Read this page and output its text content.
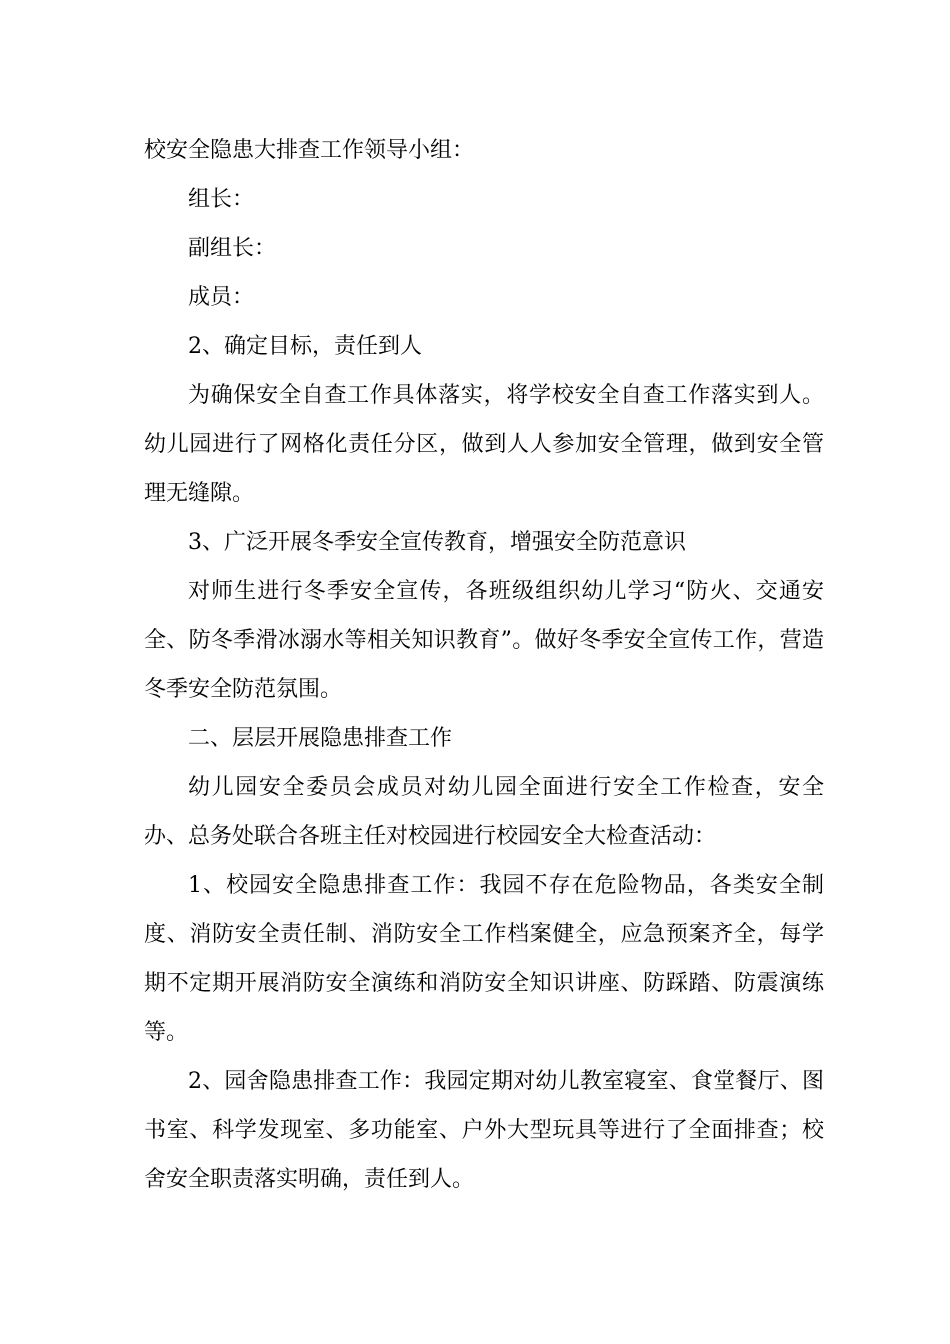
校安全隐患大排查工作领导小组：

组长：

副组长：

成员：

2、确定目标，责任到人

为确保安全自查工作具体落实，将学校安全自查工作落实到人。幼儿园进行了网格化责任分区，做到人人参加安全管理，做到安全管理无缝隙。

3、广泛开展冬季安全宣传教育，增强安全防范意识

对师生进行冬季安全宣传，各班级组织幼儿学习“防火、交通安全、防冬季滑冰溺水等相关知识教育”。做好冬季安全宣传工作，营造冬季安全防范氛围。

二、层层开展隐患排查工作

幼儿园安全委员会成员对幼儿园全面进行安全工作检查，安全办、总务处联合各班主任对校园进行校园安全大检查活动：

1、校园安全隐患排查工作：我园不存在危险物品，各类安全制度、消防安全责任制、消防安全工作档案健全，应急预案齐全，每学期不定期开展消防安全演练和消防安全知识讲座、防踩踏、防震演练等。

2、园舍隐患排查工作：我园定期对幼儿教室寝室、食堂餐厅、图书室、科学发现室、多功能室、户外大型玩具等进行了全面排查；校舍安全职责落实明确，责任到人。
